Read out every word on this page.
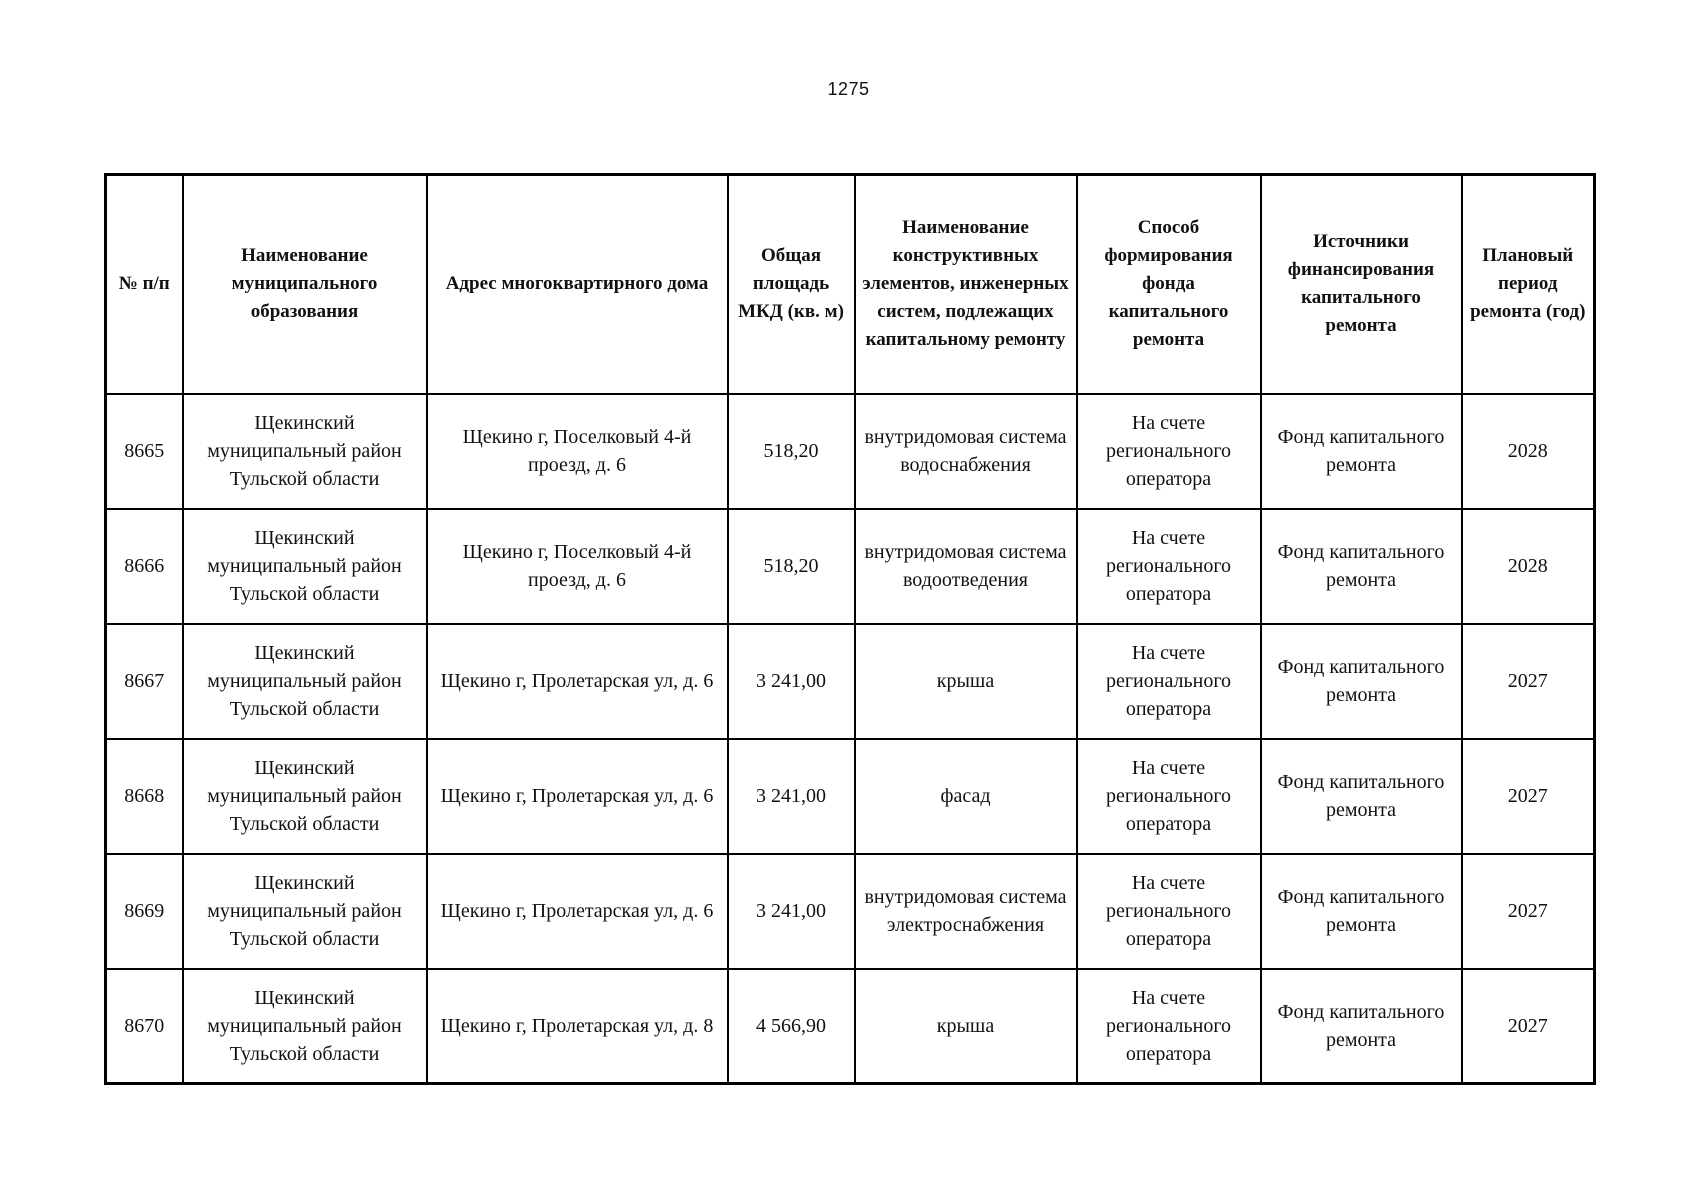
1275
№ п/п	Наименование муниципального образования	Адрес многоквартирного дома	Общая площадь МКД (кв. м)	Наименование конструктивных элементов, инженерных систем, подлежащих капитальному ремонту	Способ формирования фонда капитального ремонта	Источники финансирования капитального ремонта	Плановый период ремонта (год)
8665	Щекинский муниципальный район Тульской области	Щекино г, Поселковый 4-й проезд, д. 6	518,20	внутридомовая система водоснабжения	На счете регионального оператора	Фонд капитального ремонта	2028
8666	Щекинский муниципальный район Тульской области	Щекино г, Поселковый 4-й проезд, д. 6	518,20	внутридомовая система водоотведения	На счете регионального оператора	Фонд капитального ремонта	2028
8667	Щекинский муниципальный район Тульской области	Щекино г, Пролетарская ул, д. 6	3 241,00	крыша	На счете регионального оператора	Фонд капитального ремонта	2027
8668	Щекинский муниципальный район Тульской области	Щекино г, Пролетарская ул, д. 6	3 241,00	фасад	На счете регионального оператора	Фонд капитального ремонта	2027
8669	Щекинский муниципальный район Тульской области	Щекино г, Пролетарская ул, д. 6	3 241,00	внутридомовая система электроснабжения	На счете регионального оператора	Фонд капитального ремонта	2027
8670	Щекинский муниципальный район Тульской области	Щекино г, Пролетарская ул, д. 8	4 566,90	крыша	На счете регионального оператора	Фонд капитального ремонта	2027
